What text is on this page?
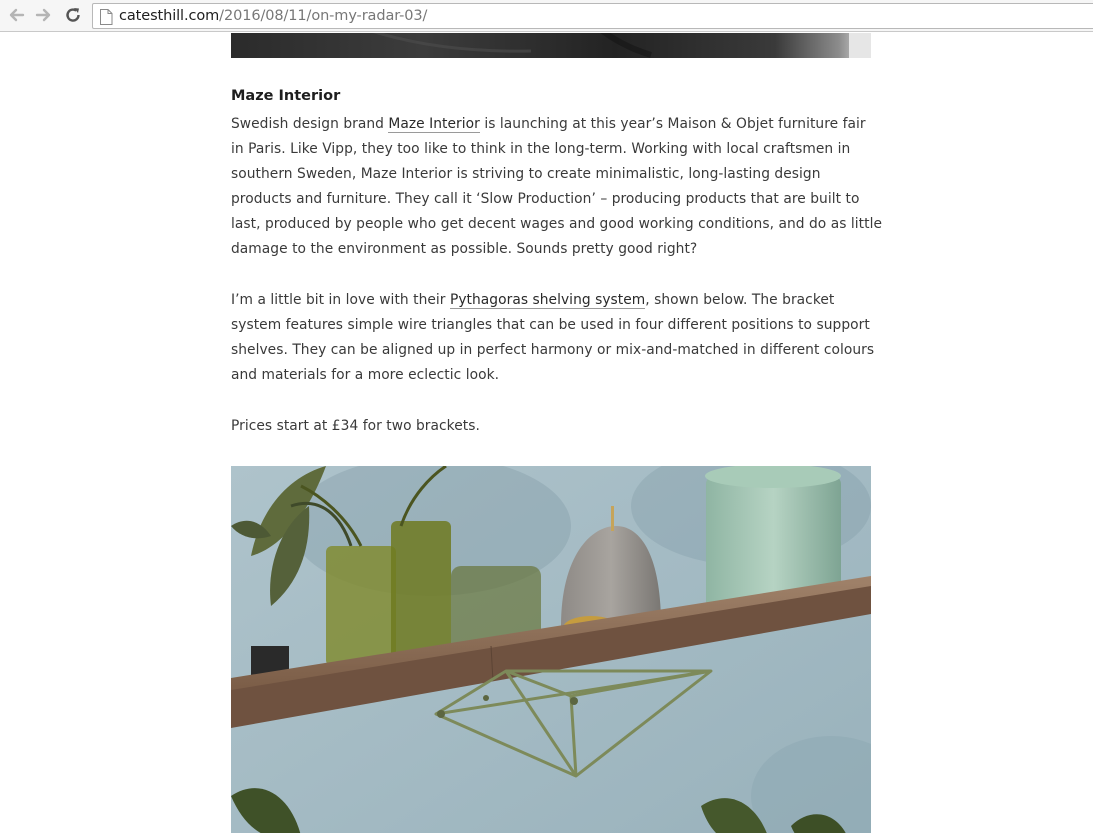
catesthill.com/2016/08/11/on-my-radar-03/
Maze Interior

Swedish design brand Maze Interior is launching at this year’s Maison & Objet furniture fair
in Paris. Like Vipp, they too like to think in the long-term. Working with local craftsmen in
southern Sweden, Maze Interior is striving to create minimalistic, long-lasting design
products and furniture. They call it ‘Slow Production’ – producing products that are built to
last, produced by people who get decent wages and good working conditions, and do as little
damage to the environment as possible. Sounds pretty good right?

I’m a little bit in love with their Pythagoras shelving system, shown below. The bracket
system features simple wire triangles that can be used in four different positions to support
shelves. They can be aligned up in perfect harmony or mix-and-matched in different colours
and materials for a more eclectic look.

Prices start at £34 for two brackets.
